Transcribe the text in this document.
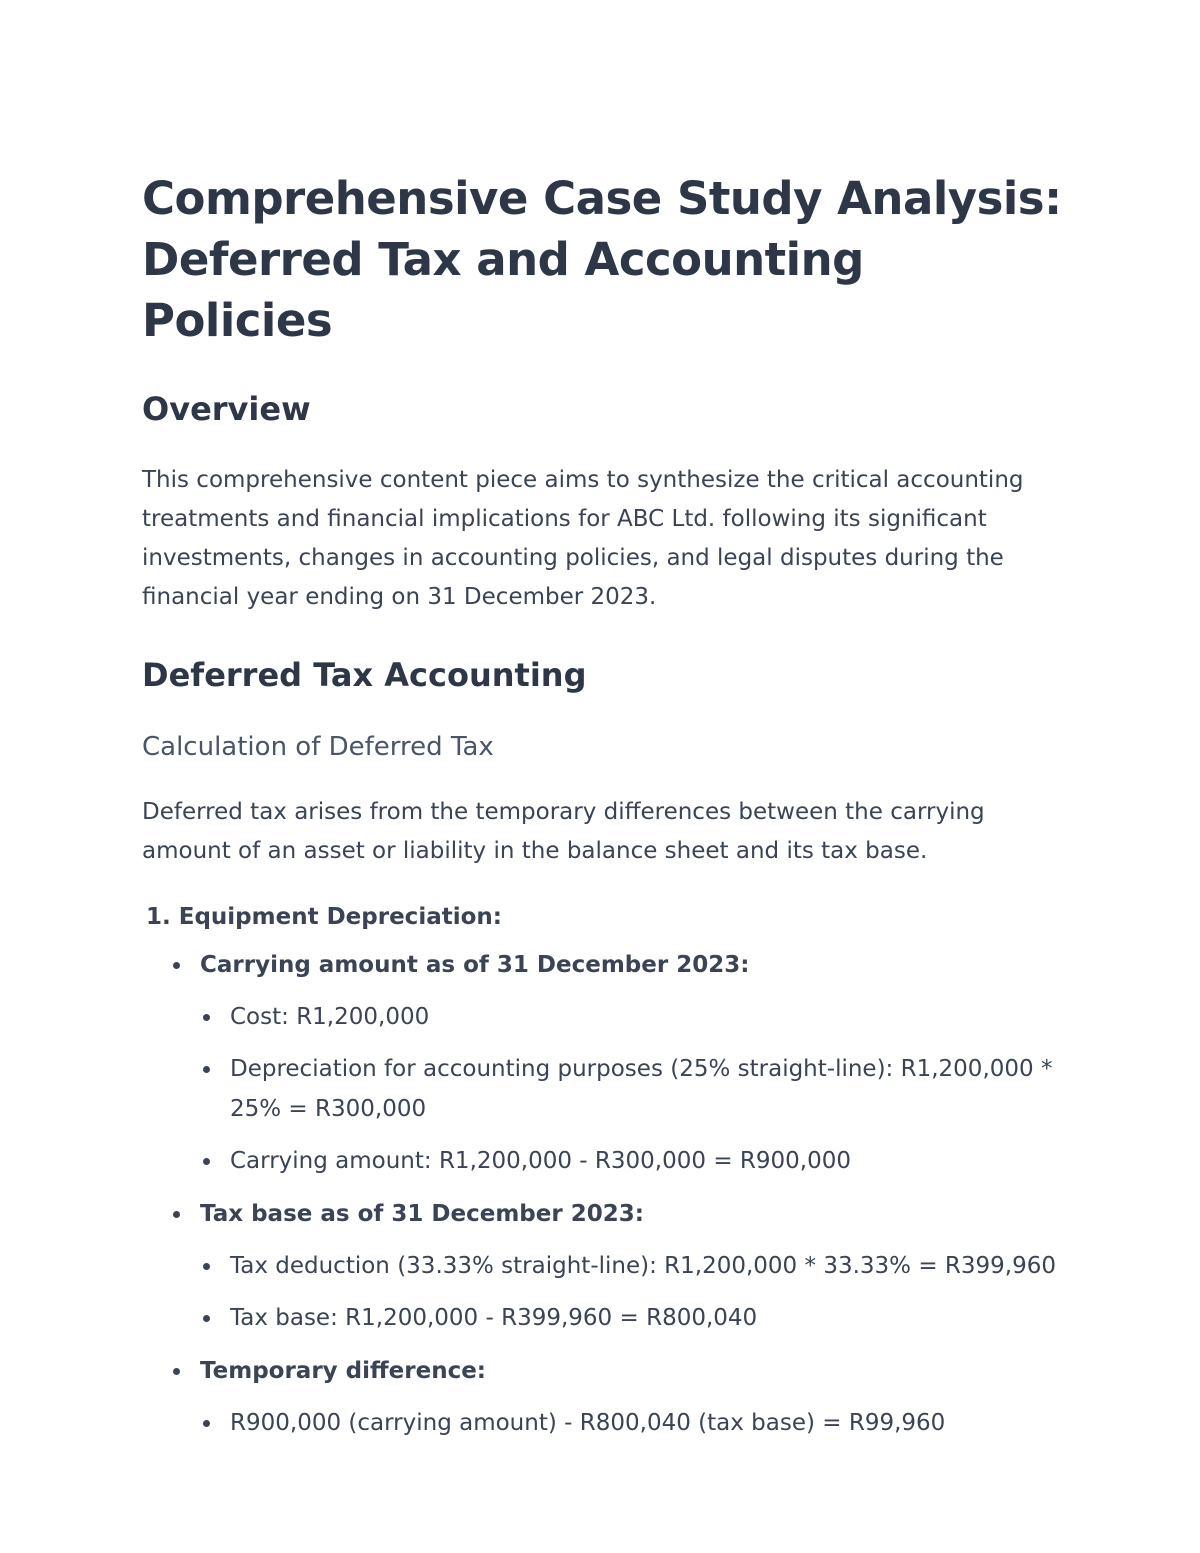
Comprehensive Case Study Analysis:
Deferred Tax and Accounting Policies
Overview

This comprehensive content piece aims to synthesize the critical accounting treatments and financial implications for ABC Ltd. following its significant investments, changes in accounting policies, and legal disputes during the financial year ending on 31 December 2023.

Deferred Tax Accounting
Calculation of Deferred Tax

Deferred tax arises from the temporary differences between the carrying amount of an asset or liability in the balance sheet and its tax base.

1. Equipment Depreciation:
Carrying amount as of 31 December 2023:
Cost: R1,200,000
Depreciation for accounting purposes (25% straight-line): R1,200,000 * 25% = R300,000
Carrying amount: R1,200,000 - R300,000 = R900,000
Tax base as of 31 December 2023:
Tax deduction (33.33% straight-line): R1,200,000 * 33.33% = R399,960
Tax base: R1,200,000 - R399,960 = R800,040
Temporary difference:
R900,000 (carrying amount) - R800,040 (tax base) = R99,960
